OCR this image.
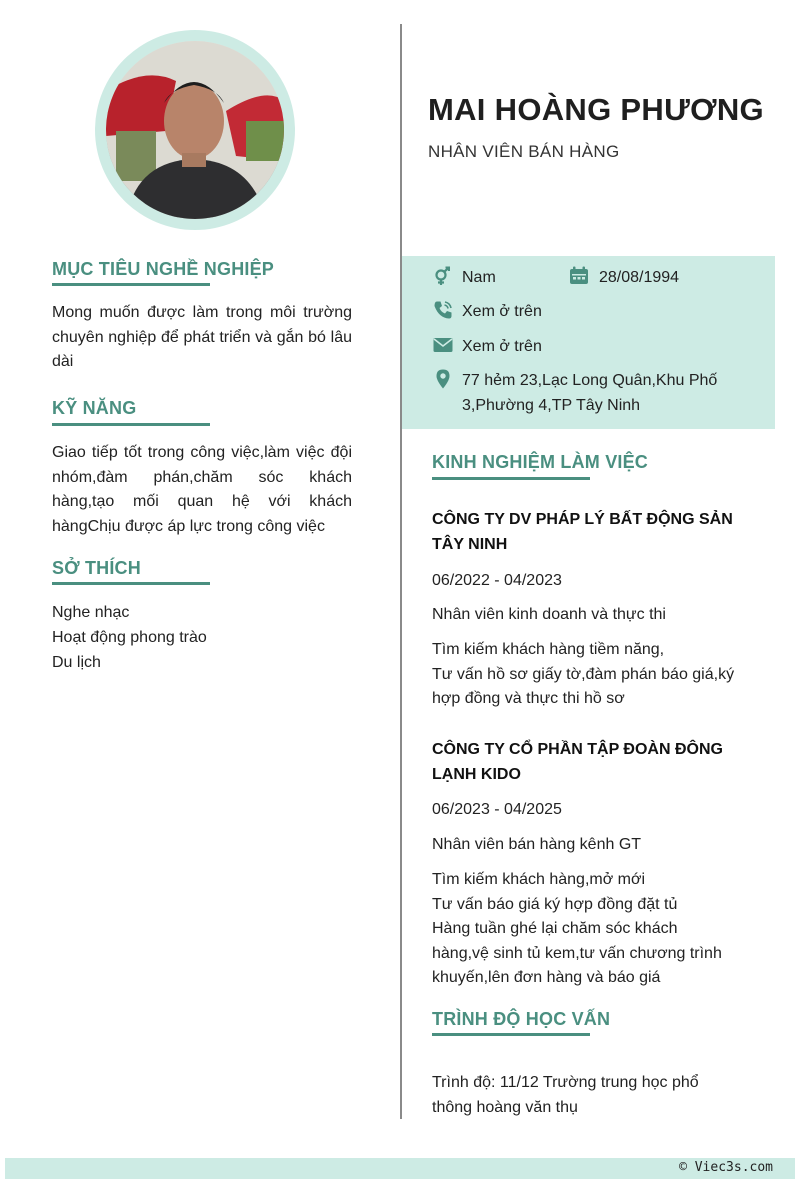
MỤC TIÊU NGHỀ NGHIỆP

Mong muốn được làm trong môi trường chuyên nghiệp để phát triển và gắn bó lâu dài

KỸ NĂNG

Giao tiếp tốt trong công việc,làm việc đội nhóm,đàm phán,chăm sóc khách hàng,tạo mối quan hệ với khách hàngChịu được áp lực trong công việc

SỞ THÍCH
Nghe nhạc
Hoạt động phong trào
Du lịch
MAI HOÀNG PHƯƠNG
NHÂN VIÊN BÁN HÀNG
Nam	28/08/1994
Xem ở trên
Xem ở trên
77 hẻm 23,Lạc Long Quân,Khu Phố
3,Phường 4,TP Tây Ninh
KINH NGHIỆM LÀM VIỆC
CÔNG TY DV PHÁP LÝ BẤT ĐỘNG SẢN
TÂY NINH
06/2022 - 04/2023
Nhân viên kinh doanh và thực thi
Tìm kiếm khách hàng tiềm năng,
Tư vấn hồ sơ giấy tờ,đàm phán báo giá,ký
hợp đồng và thực thi hồ sơ
CÔNG TY CỔ PHẦN TẬP ĐOÀN ĐÔNG
LẠNH KIDO
06/2023 - 04/2025
Nhân viên bán hàng kênh GT
Tìm kiếm khách hàng,mở mới
Tư vấn báo giá ký hợp đồng đặt tủ
Hàng tuần ghé lại chăm sóc khách
hàng,vệ sinh tủ kem,tư vấn chương trình
khuyến,lên đơn hàng và báo giá
TRÌNH ĐỘ HỌC VẤN
Trình độ: 11/12 Trường trung học phổ
thông hoàng văn thụ
© Viec3s.com
